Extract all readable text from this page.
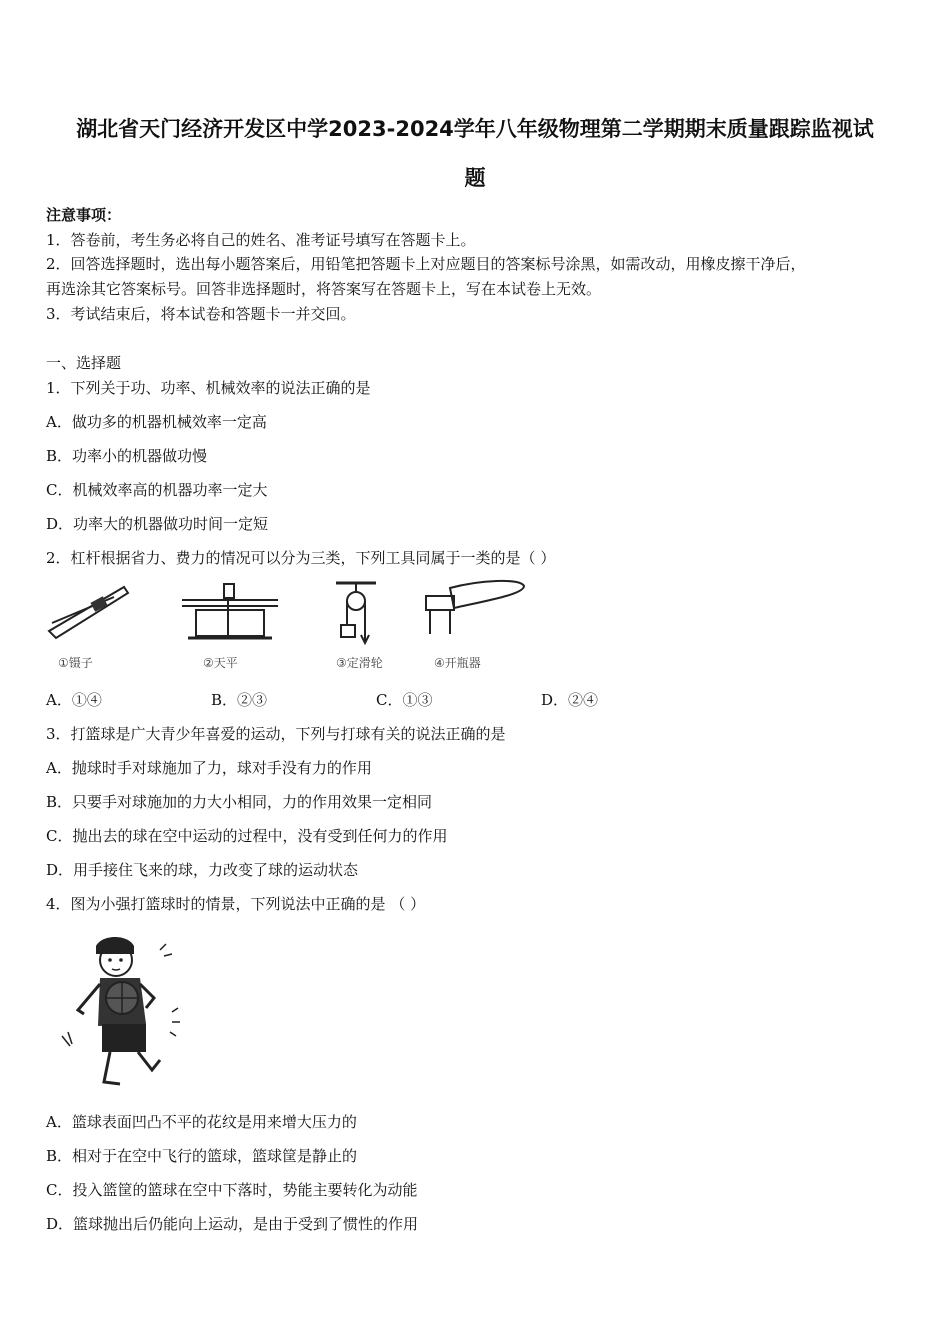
湖北省天门经济开发区中学2023-2024学年八年级物理第二学期期末质量跟踪监视试
题
注意事项：
1．答卷前，考生务必将自己的姓名、准考证号填写在答题卡上。
2．回答选择题时，选出每小题答案后，用铅笔把答题卡上对应题目的答案标号涂黑，如需改动，用橡皮擦干净后，
再选涂其它答案标号。回答非选择题时，将答案写在答题卡上，写在本试卷上无效。
3．考试结束后，将本试卷和答题卡一并交回。
一、选择题
1．下列关于功、功率、机械效率的说法正确的是
A．做功多的机器机械效率一定高
B．功率小的机器做功慢
C．机械效率高的机器功率一定大
D．功率大的机器做功时间一定短
2．杠杆根据省力、费力的情况可以分为三类，下列工具同属于一类的是（ ）
①镊子	②天平	③定滑轮	④开瓶器
A．①④	B．②③	C．①③	D．②④
3．打篮球是广大青少年喜爱的运动，下列与打球有关的说法正确的是
A．抛球时手对球施加了力，球对手没有力的作用
B．只要手对球施加的力大小相同，力的作用效果一定相同
C．抛出去的球在空中运动的过程中，没有受到任何力的作用
D．用手接住飞来的球，力改变了球的运动状态
4．图为小强打篮球时的情景，下列说法中正确的是 （ ）
A．篮球表面凹凸不平的花纹是用来增大压力的
B．相对于在空中飞行的篮球，篮球筐是静止的
C．投入篮筐的篮球在空中下落时，势能主要转化为动能
D．篮球抛出后仍能向上运动，是由于受到了惯性的作用
